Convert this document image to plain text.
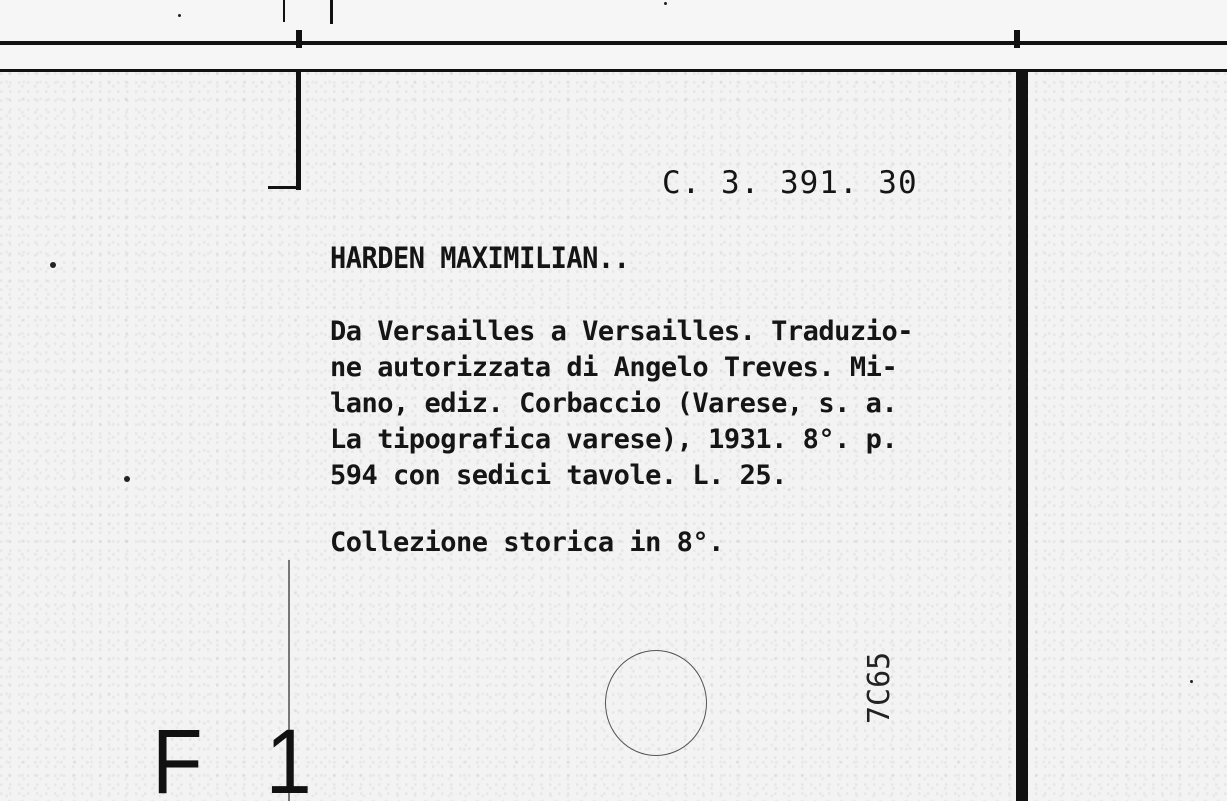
C. 3. 391. 30
HARDEN MAXIMILIAN..
Da Versailles a Versailles. Traduzio-
ne autorizzata di Angelo Treves. Mi-
lano, ediz. Corbaccio (Varese, s. a.
La tipografica varese), 1931. 8°. p.
594 con sedici tavole. L. 25.
Collezione storica in 8°.
7C65
F1
